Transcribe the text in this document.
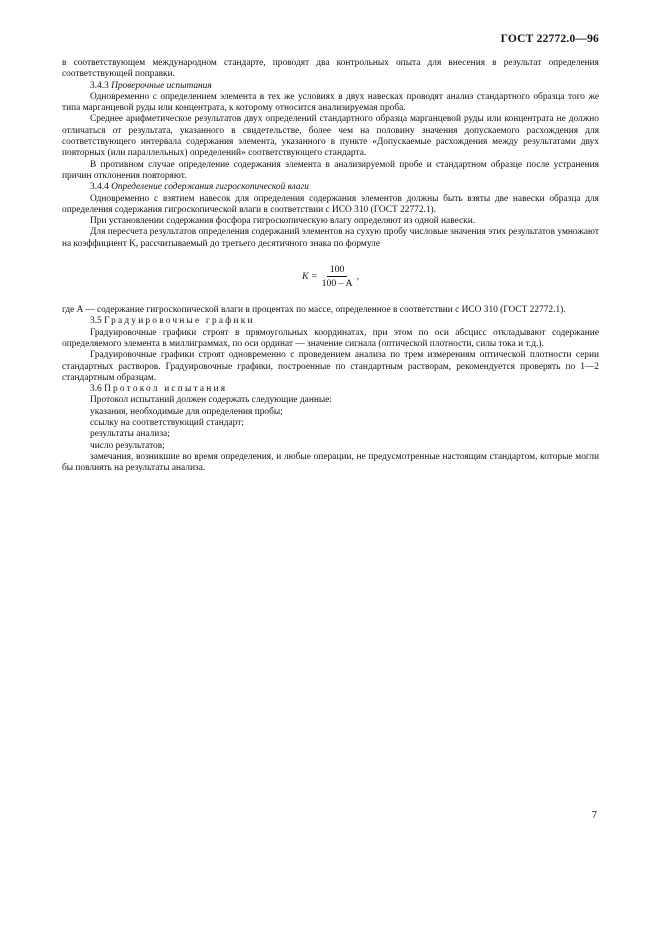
ГОСТ 22772.0—96

в соответствующем международном стандарте, проводят два контрольных опыта для внесения в результат определения соответствующей поправки.

3.4.3 Проверочные испытания

Одновременно с определением элемента в тех же условиях в двух навесках проводят анализ стандартного образца того же типа марганцевой руды или концентрата, к которому относится анализируемая проба.

Среднее арифметическое результатов двух определений стандартного образца марганцевой руды или концентрата не должно отличаться от результата, указанного в свидетельстве, более чем на половину значения допускаемого расхождения для соответствующего интервала содержания элемента, указанного в пункте «Допускаемые расхождения между результатами двух повторных (или параллельных) определений» соответствующего стандарта.

В противном случае определение содержания элемента в анализируемой пробе и стандартном образце после устранения причин отклонения повторяют.

3.4.4 Определение содержания гигроскопической влаги

Одновременно с взятием навесок для определения содержания элементов должны быть взяты две навески образца для определения содержания гигроскопической влаги в соответствии с ИСО 310 (ГОСТ 22772.1).

При установлении содержания фосфора гигроскопическую влагу определяют из одной навески.

Для пересчета результатов определения содержаний элементов на сухую пробу числовые значения этих результатов умножают на коэффициент K, рассчитываемый до третьего десятичного знака по формуле

$K = \frac{100}{100 - A}$ ,
где A —
содержание гигроскопической влаги в процентах по массе, определенное в соответствии с ИСО 310 (ГОСТ 22772.1).

3.5 Градуировочные графики

Градуировочные графики строят в прямоугольных координатах, при этом по оси абсцисс откладывают содержание определяемого элемента в миллиграммах, по оси ординат — значение сигнала (оптической плотности, силы тока и т.д.).

Градуировочные графики строят одновременно с проведением анализа по трем измерениям оптической плотности серии стандартных растворов. Градуировочные графики, построенные по стандартным растворам, рекомендуется проверять по 1—2 стандартным образцам.

3.6 Протокол испытания

Протокол испытаний должен содержать следующие данные:

указания, необходимые для определения пробы;

ссылку на соответствующий стандарт;

результаты анализа;

число результатов;

замечания, возникшие во время определения, и любые операции, не предусмотренные настоящим стандартом, которые могли бы повлиять на результаты анализа.

7
